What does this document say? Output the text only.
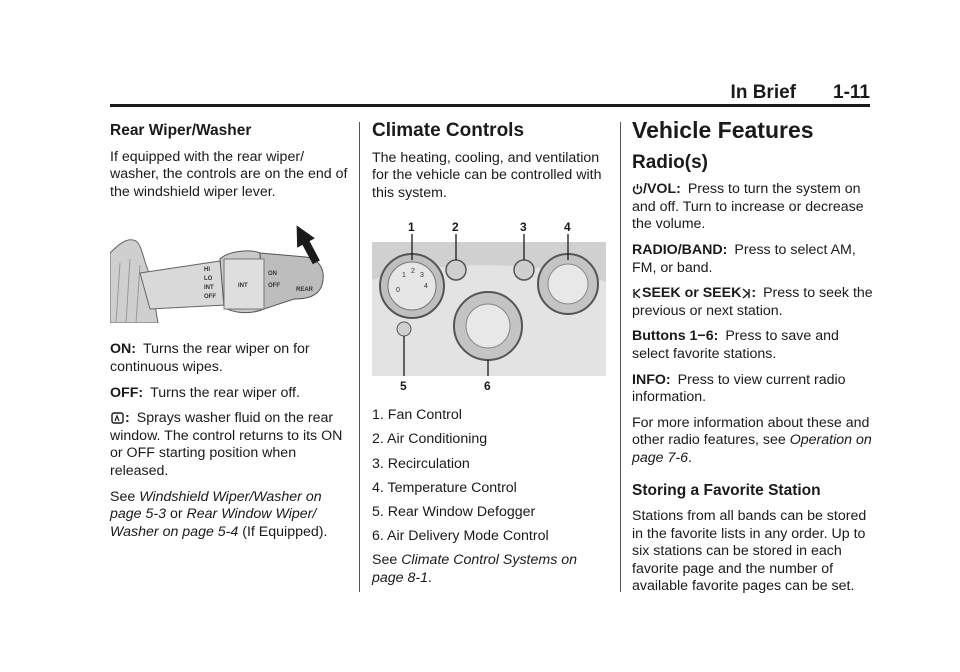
In Brief 1-11
Rear Wiper/Washer

If equipped with the rear wiper/ washer, the controls are on the end of the windshield wiper lever.

HI
LO
INT
OFF
ON
OFF
INT
REAR

ON: Turns the rear wiper on for continuous wipes.

OFF: Turns the rear wiper off.

: Sprays washer fluid on the rear window. The control returns to its ON or OFF starting position when released.

See Windshield Wiper/Washer on page 5-3 or Rear Window Wiper/ Washer on page 5-4 (If Equipped).

Climate Controls

The heating, cooling, and ventilation for the vehicle can be controlled with this system.

0
1
2
3
4
1	2	3	4
5	6
1. Fan Control
2. Air Conditioning
3. Recirculation
4. Temperature Control
5. Rear Window Defogger
6. Air Delivery Mode Control

See Climate Control Systems on page 8-1.

Vehicle Features
Radio(s)

/VOL: Press to turn the system on and off. Turn to increase or decrease the volume.

RADIO/BAND: Press to select AM, FM, or band.

SEEK or SEEK : Press to seek the previous or next station.

Buttons 1−6: Press to save and select favorite stations.

INFO: Press to view current radio information.

For more information about these and other radio features, see Operation on page 7-6.

Storing a Favorite Station

Stations from all bands can be stored in the favorite lists in any order. Up to six stations can be stored in each favorite page and the number of available favorite pages can be set.
